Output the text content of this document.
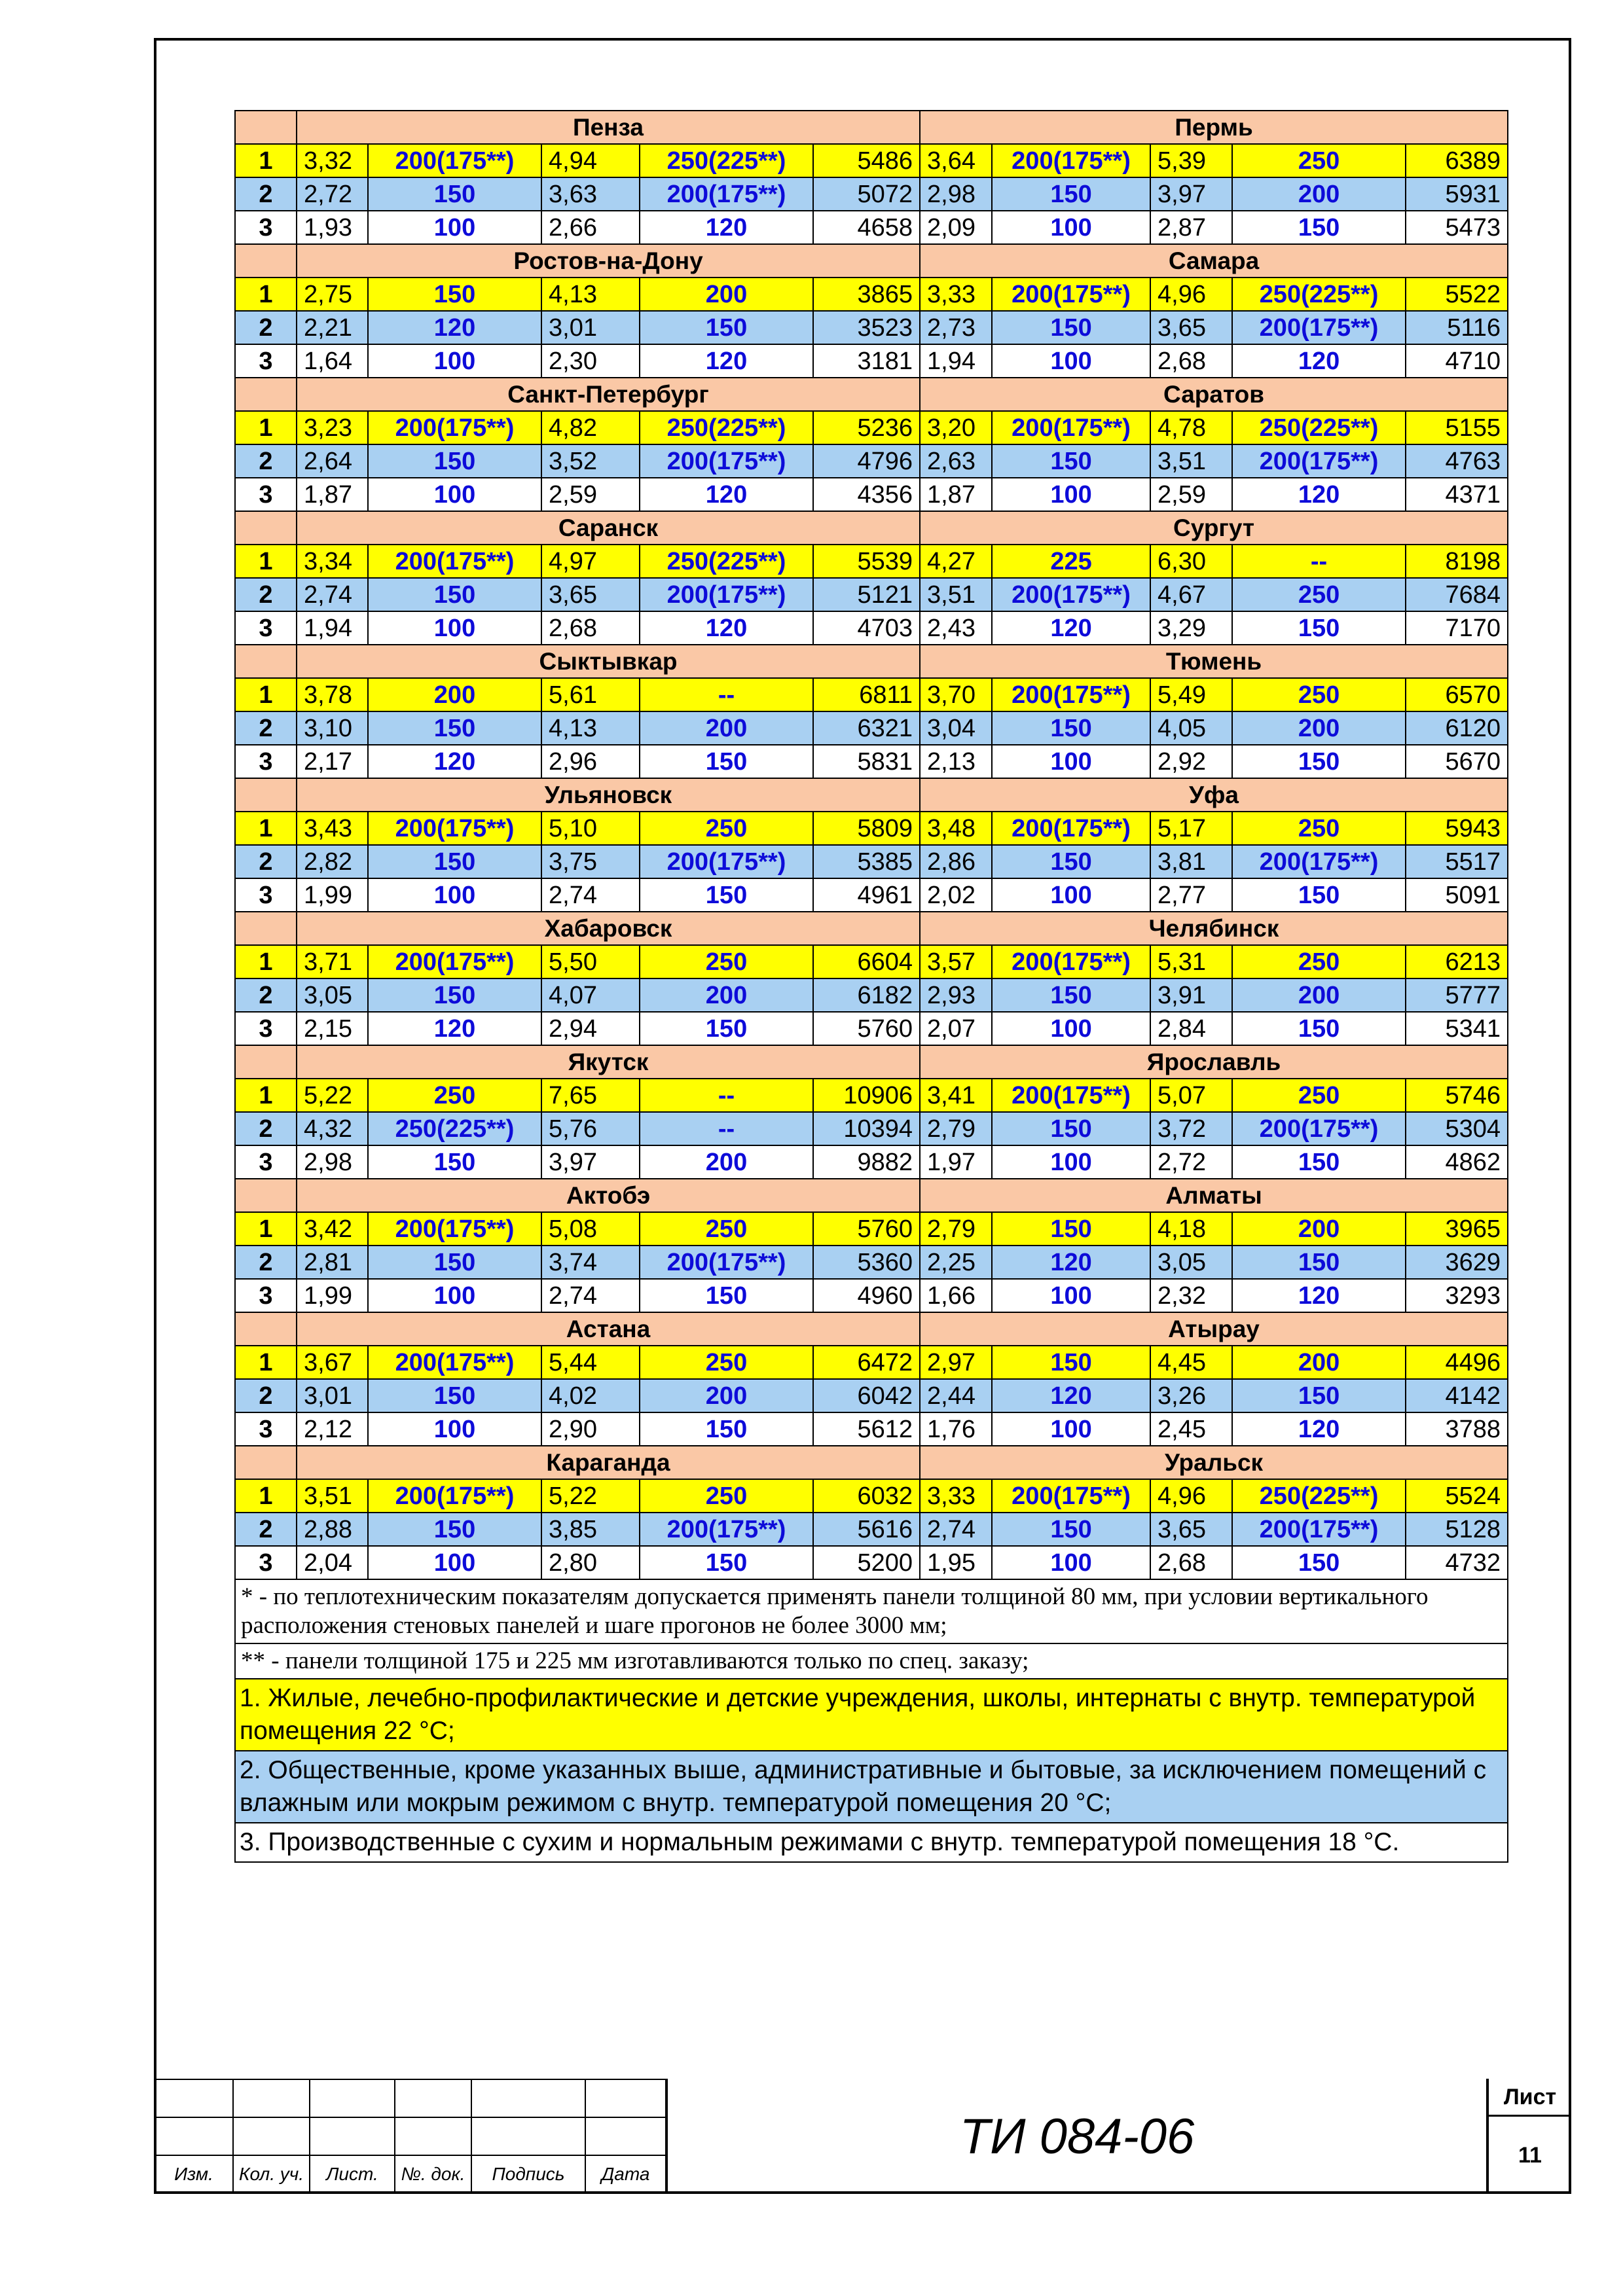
	Пенза					Пермь				
1	3,32	200(175**)	4,94	250(225**)	5486	3,64	200(175**)	5,39	250	6389
2	2,72	150	3,63	200(175**)	5072	2,98	150	3,97	200	5931
3	1,93	100	2,66	120	4658	2,09	100	2,87	150	5473
	Ростов-на-Дону					Самара				
1	2,75	150	4,13	200	3865	3,33	200(175**)	4,96	250(225**)	5522
2	2,21	120	3,01	150	3523	2,73	150	3,65	200(175**)	5116
3	1,64	100	2,30	120	3181	1,94	100	2,68	120	4710
	Санкт-Петербург					Саратов				
1	3,23	200(175**)	4,82	250(225**)	5236	3,20	200(175**)	4,78	250(225**)	5155
2	2,64	150	3,52	200(175**)	4796	2,63	150	3,51	200(175**)	4763
3	1,87	100	2,59	120	4356	1,87	100	2,59	120	4371
	Саранск					Сургут				
1	3,34	200(175**)	4,97	250(225**)	5539	4,27	225	6,30	--	8198
2	2,74	150	3,65	200(175**)	5121	3,51	200(175**)	4,67	250	7684
3	1,94	100	2,68	120	4703	2,43	120	3,29	150	7170
	Сыктывкар					Тюмень				
1	3,78	200	5,61	--	6811	3,70	200(175**)	5,49	250	6570
2	3,10	150	4,13	200	6321	3,04	150	4,05	200	6120
3	2,17	120	2,96	150	5831	2,13	100	2,92	150	5670
	Ульяновск					Уфа				
1	3,43	200(175**)	5,10	250	5809	3,48	200(175**)	5,17	250	5943
2	2,82	150	3,75	200(175**)	5385	2,86	150	3,81	200(175**)	5517
3	1,99	100	2,74	150	4961	2,02	100	2,77	150	5091
	Хабаровск					Челябинск				
1	3,71	200(175**)	5,50	250	6604	3,57	200(175**)	5,31	250	6213
2	3,05	150	4,07	200	6182	2,93	150	3,91	200	5777
3	2,15	120	2,94	150	5760	2,07	100	2,84	150	5341
	Якутск					Ярославль				
1	5,22	250	7,65	--	10906	3,41	200(175**)	5,07	250	5746
2	4,32	250(225**)	5,76	--	10394	2,79	150	3,72	200(175**)	5304
3	2,98	150	3,97	200	9882	1,97	100	2,72	150	4862
	Актобэ					Алматы				
1	3,42	200(175**)	5,08	250	5760	2,79	150	4,18	200	3965
2	2,81	150	3,74	200(175**)	5360	2,25	120	3,05	150	3629
3	1,99	100	2,74	150	4960	1,66	100	2,32	120	3293
	Астана					Атырау				
1	3,67	200(175**)	5,44	250	6472	2,97	150	4,45	200	4496
2	3,01	150	4,02	200	6042	2,44	120	3,26	150	4142
3	2,12	100	2,90	150	5612	1,76	100	2,45	120	3788
	Караганда					Уральск				
1	3,51	200(175**)	5,22	250	6032	3,33	200(175**)	4,96	250(225**)	5524
2	2,88	150	3,85	200(175**)	5616	2,74	150	3,65	200(175**)	5128
3	2,04	100	2,80	150	5200	1,95	100	2,68	150	4732
* - по теплотехническим показателям допускается применять панели толщиной 80 мм, при условии вертикального расположения стеновых панелей и шаге прогонов не более 3000 мм;										
** - панели толщиной 175 и 225 мм изготавливаются только по спец. заказу;										
1. Жилые, лечебно-профилактические и детские учреждения, школы, интернаты с внутр. температурой помещения 22 °С;										
2. Общественные, кроме указанных выше, административные и бытовые, за исключением помещений с влажным или мокрым режимом с внутр. температурой помещения 20 °С;										
3. Производственные с сухим и нормальным режимами с внутр. температурой помещения 18 °С.										

Изм.	Кол. уч.	Лист.	№. док.	Подпись	Дата
ТИ 084-06
Лист
11
